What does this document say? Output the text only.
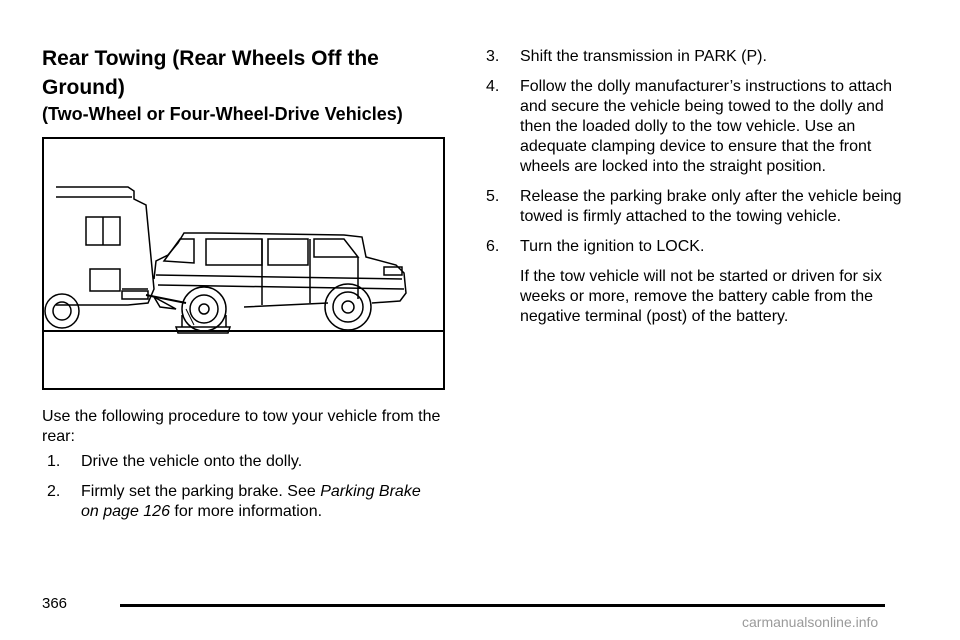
Rear Towing (Rear Wheels Off the Ground)
(Two-Wheel or Four-Wheel-Drive Vehicles)
Use the following procedure to tow your vehicle from the rear:
1. Drive the vehicle onto the dolly.
2. Firmly set the parking brake. See Parking Brake on page 126 for more information.
3. Shift the transmission in PARK (P).
4. Follow the dolly manufacturer’s instructions to attach and secure the vehicle being towed to the dolly and then the loaded dolly to the tow vehicle. Use an adequate clamping device to ensure that the front wheels are locked into the straight position.
5. Release the parking brake only after the vehicle being towed is firmly attached to the towing vehicle.
6. Turn the ignition to LOCK.
If the tow vehicle will not be started or driven for six weeks or more, remove the battery cable from the negative terminal (post) of the battery.
366
carmanualsonline.info
